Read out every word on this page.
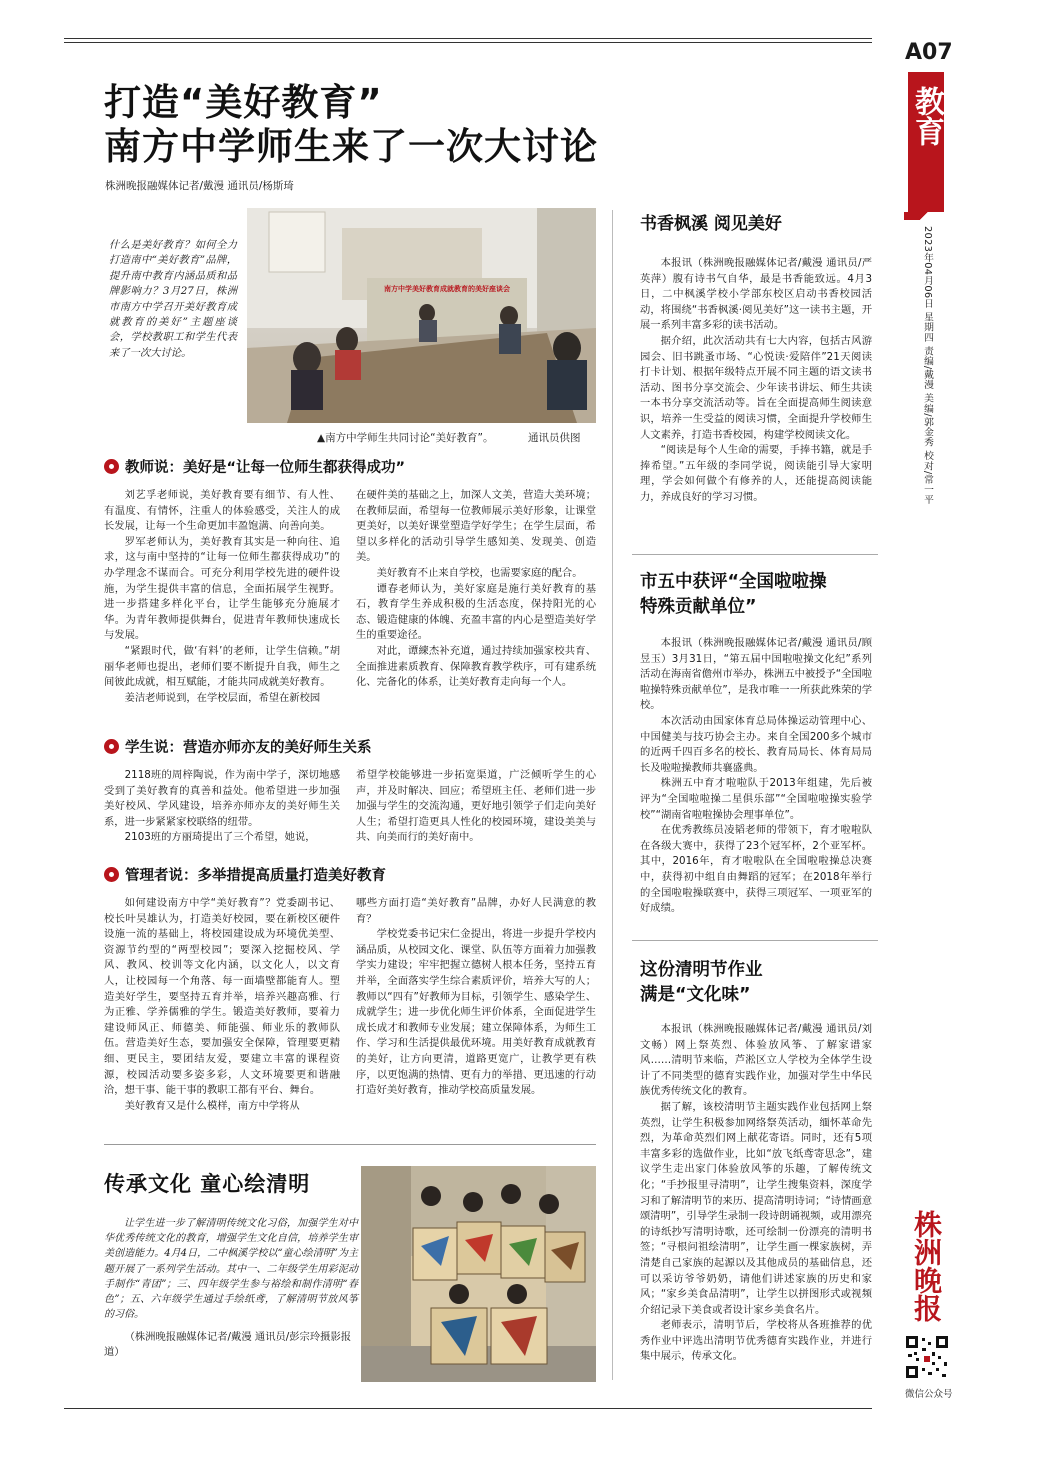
A07
教育
2023年04月06日 星期四 责编/戴漫 美编/郭金秀 校对/常一平
打造“美好教育”
南方中学师生来了一次大讨论
株洲晚报融媒体记者/戴漫 通讯员/杨斯琦
什么是美好教育？如何全力打造南中“美好教育”品牌，提升南中教育内涵品质和品牌影响力？3月27日，株洲市南方中学召开美好教育成就教育的美好”主题座谈会，学校教职工和学生代表来了一次大讨论。
南方中学美好教育成就教育的美好座谈会
▲南方中学师生共同讨论“美好教育”。	通讯员供图
教师说：美好是“让每一位师生都获得成功”

刘艺孚老师说，美好教育要有细节、有人性、有温度、有情怀，注重人的体验感受，关注人的成长发展，让每一个生命更加丰盈饱满、向善向美。

罗军老师认为，美好教育其实是一种向往、追求，这与南中坚持的“让每一位师生都获得成功”的办学理念不谋而合。可充分利用学校先进的硬件设施，为学生提供丰富的信息，全面拓展学生视野。进一步搭建多样化平台，让学生能够充分施展才华。为青年教师提供舞台，促进青年教师快速成长与发展。

“紧跟时代，做‘有料’的老师，让学生信赖。”胡丽华老师也提出，老师们要不断提升自我，师生之间彼此成就，相互赋能，才能共同成就美好教育。

姜洁老师说到，在学校层面，希望在新校园

在硬件美的基础之上，加深人文美，营造大美环境；在教师层面，希望每一位教师展示美好形象，让课堂更美好，以美好课堂塑造学好学生；在学生层面，希望以多样化的活动引导学生感知美、发现美、创造美。

美好教育不止来自学校，也需要家庭的配合。

谭春老师认为，美好家庭是施行美好教育的基石，教育学生养成积极的生活态度，保持阳光的心态、锻造健康的体魄、充盈丰富的内心是塑造美好学生的重要途径。

对此，谭練杰补充道，通过持续加强家校共育、全面推进素质教育、保障教育教学秩序，可有建系统化、完备化的体系，让美好教育走向每一个人。

学生说：营造亦师亦友的美好师生关系

2118班的周梓陶说，作为南中学子，深切地感受到了美好教育的真善和益处。他希望进一步加强美好校风、学风建设，培养亦师亦友的美好师生关系，进一步紧紧家校联络的纽带。

2103班的方丽琦提出了三个希望，她说，

希望学校能够进一步拓宽渠道，广泛倾听学生的心声，并及时解决、回应；希望班主任、老师们进一步加强与学生的交流沟通，更好地引领学子们走向美好人生；希望打造更具人性化的校园环境，建设美美与共、向美而行的美好南中。

管理者说：多举措提高质量打造美好教育

如何建设南方中学“美好教育”？党委副书记、校长叶昊雄认为，打造美好校园，要在新校区硬件设施一流的基础上，将校园建设成为环境优美型、资源节约型的“两型校园”；要深入挖掘校风、学风、教风、校训等文化内涵，以文化人，以文育人，让校园每一个角落、每一面墙壁都能育人。塑造美好学生，要坚持五育并举，培养兴趣高雅、行为正雅、学养儒雅的学生。锻造美好教师，要着力建设师风正、师德美、师能强、师业乐的教师队伍。营造美好生态，要加强安全保障，管理要更精细、更民主，要团结友爱，要建立丰富的课程资源，校园活动要多姿多彩，人文环境要更和谐融洽，想干事、能干事的教职工都有平台、舞台。

美好教育又是什么模样，南方中学将从

哪些方面打造“美好教育”品牌，办好人民满意的教育？

学校党委书记宋仁金提出，将进一步提升学校内涵品质，从校园文化、课堂、队伍等方面着力加强教学实力建设；牢牢把握立德树人根本任务，坚持五育并举，全面落实学生综合素质评价，培养大写的人；教师以“四有”好教师为目标，引领学生、感染学生、成就学生；进一步优化师生评价体系，全面促进学生成长成才和教师专业发展；建立保障体系，为师生工作、学习和生活提供最优环境。用美好教育成就教育的美好，让方向更清，道路更宽广，让教学更有秩序，以更饱满的热情、更有力的举措、更迅速的行动打造好美好教育，推动学校高质量发展。

传承文化 童心绘清明
让学生进一步了解清明传统文化习俗，加强学生对中华优秀传统文化的教育，增强学生文化自信，培养学生审美创造能力。4月4日，二中枫溪学校以“童心绘清明”为主题开展了一系列学生活动。其中一、二年级学生用彩泥动手制作“青团”；三、四年级学生参与裕绘和制作清明“春色”；五、六年级学生通过手绘纸鸢，了解清明节放风筝的习俗。
（株洲晚报融媒体记者/戴漫 通讯员/彭宗玲摄影报道）
书香枫溪 阅见美好

本报讯（株洲晚报融媒体记者/戴漫 通讯员/严英萍）腹有诗书气自华，最是书香能致远。4月3日，二中枫溪学校小学部东校区启动书香校园活动，将围绕“书香枫溪·阅见美好”这一读书主题，开展一系列丰富多彩的读书活动。

据介绍，此次活动共有七大内容，包括古风游园会、旧书跳蚤市场、“心悦读·爱陪伴”21天阅读打卡计划、根据年级特点开展不同主题的语文读书活动、图书分享交流会、少年读书讲坛、师生共读一本书分享交流活动等。旨在全面提高师生阅读意识，培养一生受益的阅读习惯，全面提升学校师生人文素养，打造书香校园，构建学校阅读文化。

“阅读是每个人生命的需要，手捧书籍，就是手捧希望。”五年级的李同学说，阅读能引导大家明理，学会如何做个有修养的人，还能提高阅读能力，养成良好的学习习惯。

市五中获评“全国啦啦操
特殊贡献单位”

本报讯（株洲晚报融媒体记者/戴漫 通讯员/顾昱玉）3月31日，“第五届中国啦啦操文化纪”系列活动在海南省儋州市举办，株洲五中被授予“全国啦啦操特殊贡献单位”，是我市唯一一所获此殊荣的学校。

本次活动由国家体育总局体操运动管理中心、中国健美与技巧协会主办。来自全国200多个城市的近两千四百多名的校长、教育局局长、体育局局长及啦啦操教师共襄盛典。

株洲五中育才啦啦队于2013年组建，先后被评为“全国啦啦操二星俱乐部”“全国啦啦操实验学校”“湖南省啦啦操协会理事单位”。

在优秀教练员凌韬老师的带领下，育才啦啦队在各级大赛中，获得了23个冠军杯，2个亚军杯。其中，2016年，育才啦啦队在全国啦啦操总决赛中，获得初中组自由舞蹈的冠军；在2018年举行的全国啦啦操联赛中，获得三项冠军、一项亚军的好成绩。

这份清明节作业
满是“文化味”

本报讯（株洲晚报融媒体记者/戴漫 通讯员/刘文畅）网上祭英烈、体验放风筝、了解家谱家风……清明节来临，芦淞区立人学校为全体学生设计了不同类型的德育实践作业，加强对学生中华民族优秀传统文化的教育。

据了解，该校清明节主题实践作业包括网上祭英烈，让学生积极参加网络祭英活动，缅怀革命先烈，为革命英烈们网上献花寄语。同时，还有5项丰富多彩的选做作业，比如“放飞纸鸢寄思念”，建议学生走出家门体验放风筝的乐趣，了解传统文化；“手抄报里寻清明”，让学生搜集资料，深度学习和了解清明节的来历、提高清明诗词；“诗情画意颂清明”，引导学生录制一段诗朗诵视频，或用漂亮的诗纸抄写清明诗歌，还可绘制一份漂亮的清明书签；“寻根问祖绘清明”，让学生画一棵家族树，弄清楚自己家族的起源以及其他成员的基础信息，还可以采访爷爷奶奶，请他们讲述家族的历史和家风；“家乡美食品清明”，让学生以拼图形式或视频介绍记录下美食或者设计家乡美食名片。

老师表示，清明节后，学校将从各班推荐的优秀作业中评选出清明节优秀德育实践作业，并进行集中展示，传承文化。

株洲晚报
微信公众号
